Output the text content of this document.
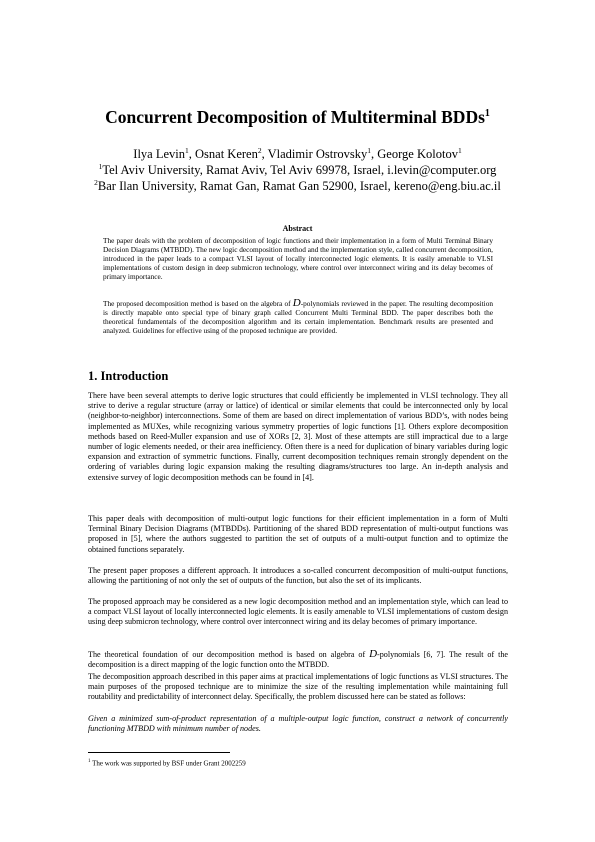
Concurrent Decomposition of Multiterminal BDDs$^1$
Ilya Levin$^1$, Osnat Keren$^2$, Vladimir Ostrovsky$^1$, George Kolotov$^1$
$^1$Tel Aviv University, Ramat Aviv, Tel Aviv 69978, Israel, i.levin@computer.org
$^2$Bar Ilan University, Ramat Gan, Ramat Gan 52900, Israel, kereno@eng.biu.ac.il
Abstract

The paper deals with the problem of decomposition of logic functions and their implementation in a form of Multi Terminal Binary Decision Diagrams (MTBDD). The new logic decomposition method and the implementation style, called concurrent decomposition, introduced in the paper leads to a compact VLSI layout of locally interconnected logic elements. It is easily amenable to VLSI implementations of custom design in deep submicron technology, where control over interconnect wiring and its delay becomes of primary importance.

The proposed decomposition method is based on the algebra of D-polynomials reviewed in the paper. The resulting decomposition is directly mapable onto special type of binary graph called Concurrent Multi Terminal BDD. The paper describes both the theoretical fundamentals of the decomposition algorithm and its certain implementation. Benchmark results are presented and analyzed. Guidelines for effective using of the proposed technique are provided.

1. Introduction

There have been several attempts to derive logic structures that could efficiently be implemented in VLSI technology. They all strive to derive a regular structure (array or lattice) of identical or similar elements that could be interconnected only by local (neighbor-to-neighbor) interconnections. Some of them are based on direct implementation of various BDD’s, with nodes being implemented as MUXes, while recognizing various symmetry properties of logic functions [1]. Others explore decomposition methods based on Reed-Muller expansion and use of XORs [2, 3]. Most of these attempts are still impractical due to a large number of logic elements needed, or their area inefficiency. Often there is a need for duplication of binary variables during logic expansion and extraction of symmetric functions. Finally, current decomposition techniques remain strongly dependent on the ordering of variables during logic expansion making the resulting diagrams/structures too large. An in-depth analysis and extensive survey of logic decomposition methods can be found in [4].

This paper deals with decomposition of multi-output logic functions for their efficient implementation in a form of Multi Terminal Binary Decision Diagrams (MTBDDs). Partitioning of the shared BDD representation of multi-output functions was proposed in [5], where the authors suggested to partition the set of outputs of a multi-output function and to optimize the obtained functions separately.

The present paper proposes a different approach. It introduces a so-called concurrent decomposition of multi-output functions, allowing the partitioning of not only the set of outputs of the function, but also the set of its implicants.

The proposed approach may be considered as a new logic decomposition method and an implementation style, which can lead to a compact VLSI layout of locally interconnected logic elements. It is easily amenable to VLSI implementations of custom design using deep submicron technology, where control over interconnect wiring and its delay becomes of primary importance.

The theoretical foundation of our decomposition method is based on algebra of D-polynomials [6, 7]. The result of the decomposition is a direct mapping of the logic function onto the MTBDD.

The decomposition approach described in this paper aims at practical implementations of logic functions as VLSI structures. The main purposes of the proposed technique are to minimize the size of the resulting implementation while maintaining full routability and predictability of interconnect delay. Specifically, the problem discussed here can be stated as follows:

Given a minimized sum-of-product representation of a multiple-output logic function, construct a network of concurrently functioning MTBDD with minimum number of nodes.

$^1$ The work was supported by BSF under Grant 2002259
